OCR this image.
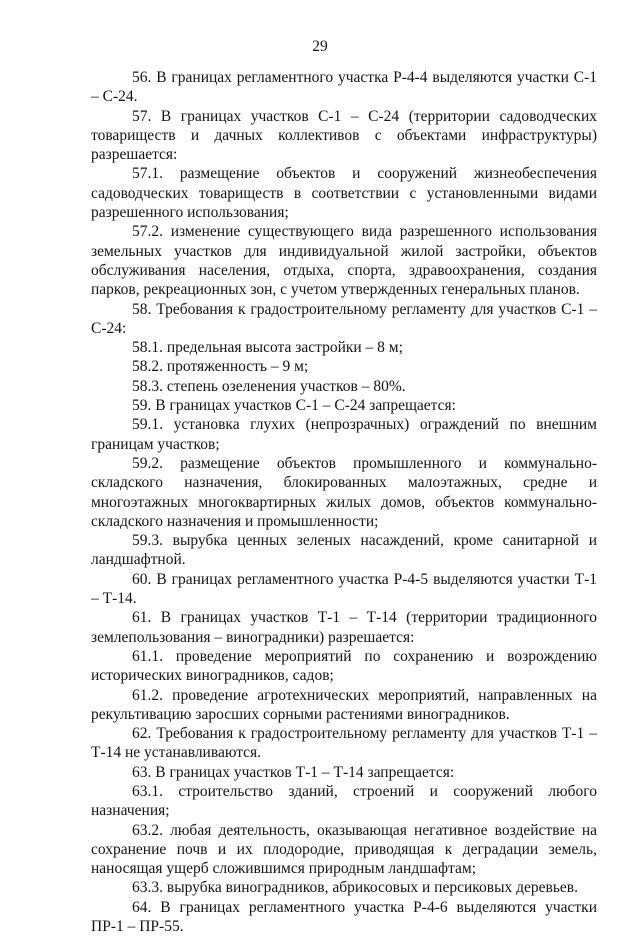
29

56. В границах регламентного участка Р-4-4 выделяются участки С-1 – С-24.

57. В границах участков С-1 – С-24 (территории садоводческих товариществ и дачных коллективов с объектами инфраструктуры) разрешается:

57.1. размещение объектов и сооружений жизнеобеспечения садоводческих товариществ в соответствии с установленными видами разрешенного использования;

57.2. изменение существующего вида разрешенного использования земельных участков для индивидуальной жилой застройки, объектов обслуживания населения, отдыха, спорта, здравоохранения, создания парков, рекреационных зон, с учетом утвержденных генеральных планов.

58. Требования к градостроительному регламенту для участков С-1 – С-24:

58.1. предельная высота застройки – 8 м;

58.2. протяженность – 9 м;

58.3. степень озеленения участков – 80%.

59. В границах участков С-1 – С-24 запрещается:

59.1. установка глухих (непрозрачных) ограждений по внешним границам участков;

59.2. размещение объектов промышленного и коммунально-складского назначения, блокированных малоэтажных, средне и многоэтажных многоквартирных жилых домов, объектов коммунально-складского назначения и промышленности;

59.3. вырубка ценных зеленых насаждений, кроме санитарной и ландшафтной.

60. В границах регламентного участка Р-4-5 выделяются участки Т-1 – Т-14.

61. В границах участков Т-1 – Т-14 (территории традиционного землепользования – виноградники) разрешается:

61.1. проведение мероприятий по сохранению и возрождению исторических виноградников, садов;

61.2. проведение агротехнических мероприятий, направленных на рекультивацию заросших сорными растениями виноградников.

62. Требования к градостроительному регламенту для участков Т-1 – Т-14 не устанавливаются.

63. В границах участков Т-1 – Т-14 запрещается:

63.1. строительство зданий, строений и сооружений любого назначения;

63.2. любая деятельность, оказывающая негативное воздействие на сохранение почв и их плодородие, приводящая к деградации земель, наносящая ущерб сложившимся природным ландшафтам;

63.3. вырубка виноградников, абрикосовых и персиковых деревьев.

64. В границах регламентного участка Р-4-6 выделяются участки ПР-1 – ПР-55.
